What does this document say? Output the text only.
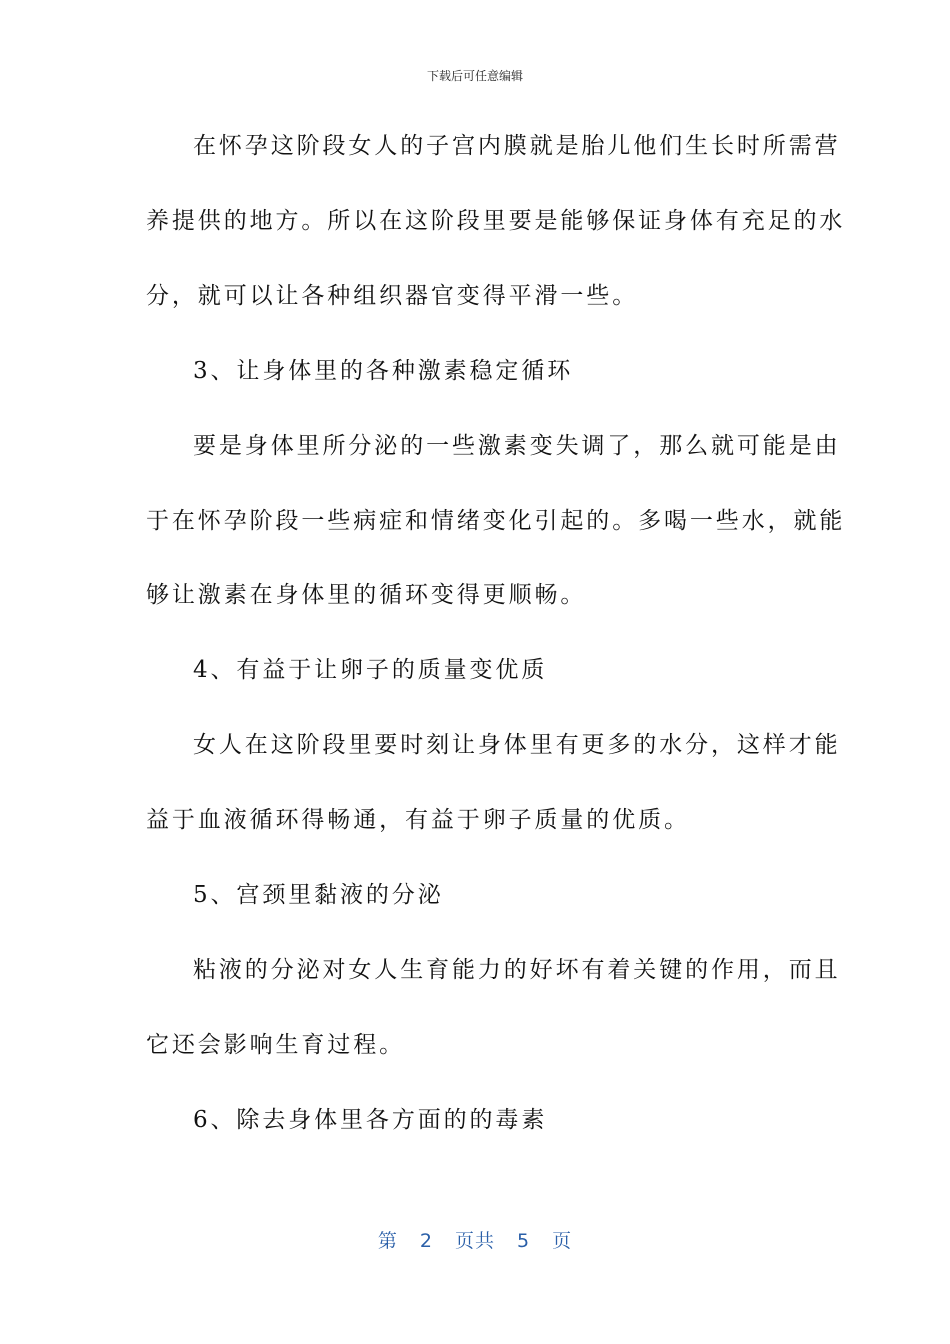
下载后可任意编辑
在怀孕这阶段女人的子宫内膜就是胎儿他们生长时所需营
养提供的地方。所以在这阶段里要是能够保证身体有充足的水
分，就可以让各种组织器官变得平滑一些。
3、让身体里的各种激素稳定循环
要是身体里所分泌的一些激素变失调了，那么就可能是由
于在怀孕阶段一些病症和情绪变化引起的。多喝一些水，就能
够让激素在身体里的循环变得更顺畅。
4、有益于让卵子的质量变优质
女人在这阶段里要时刻让身体里有更多的水分，这样才能
益于血液循环得畅通，有益于卵子质量的优质。
5、宫颈里黏液的分泌
粘液的分泌对女人生育能力的好坏有着关键的作用，而且
它还会影响生育过程。
6、除去身体里各方面的的毒素
第 2 页共 5 页
